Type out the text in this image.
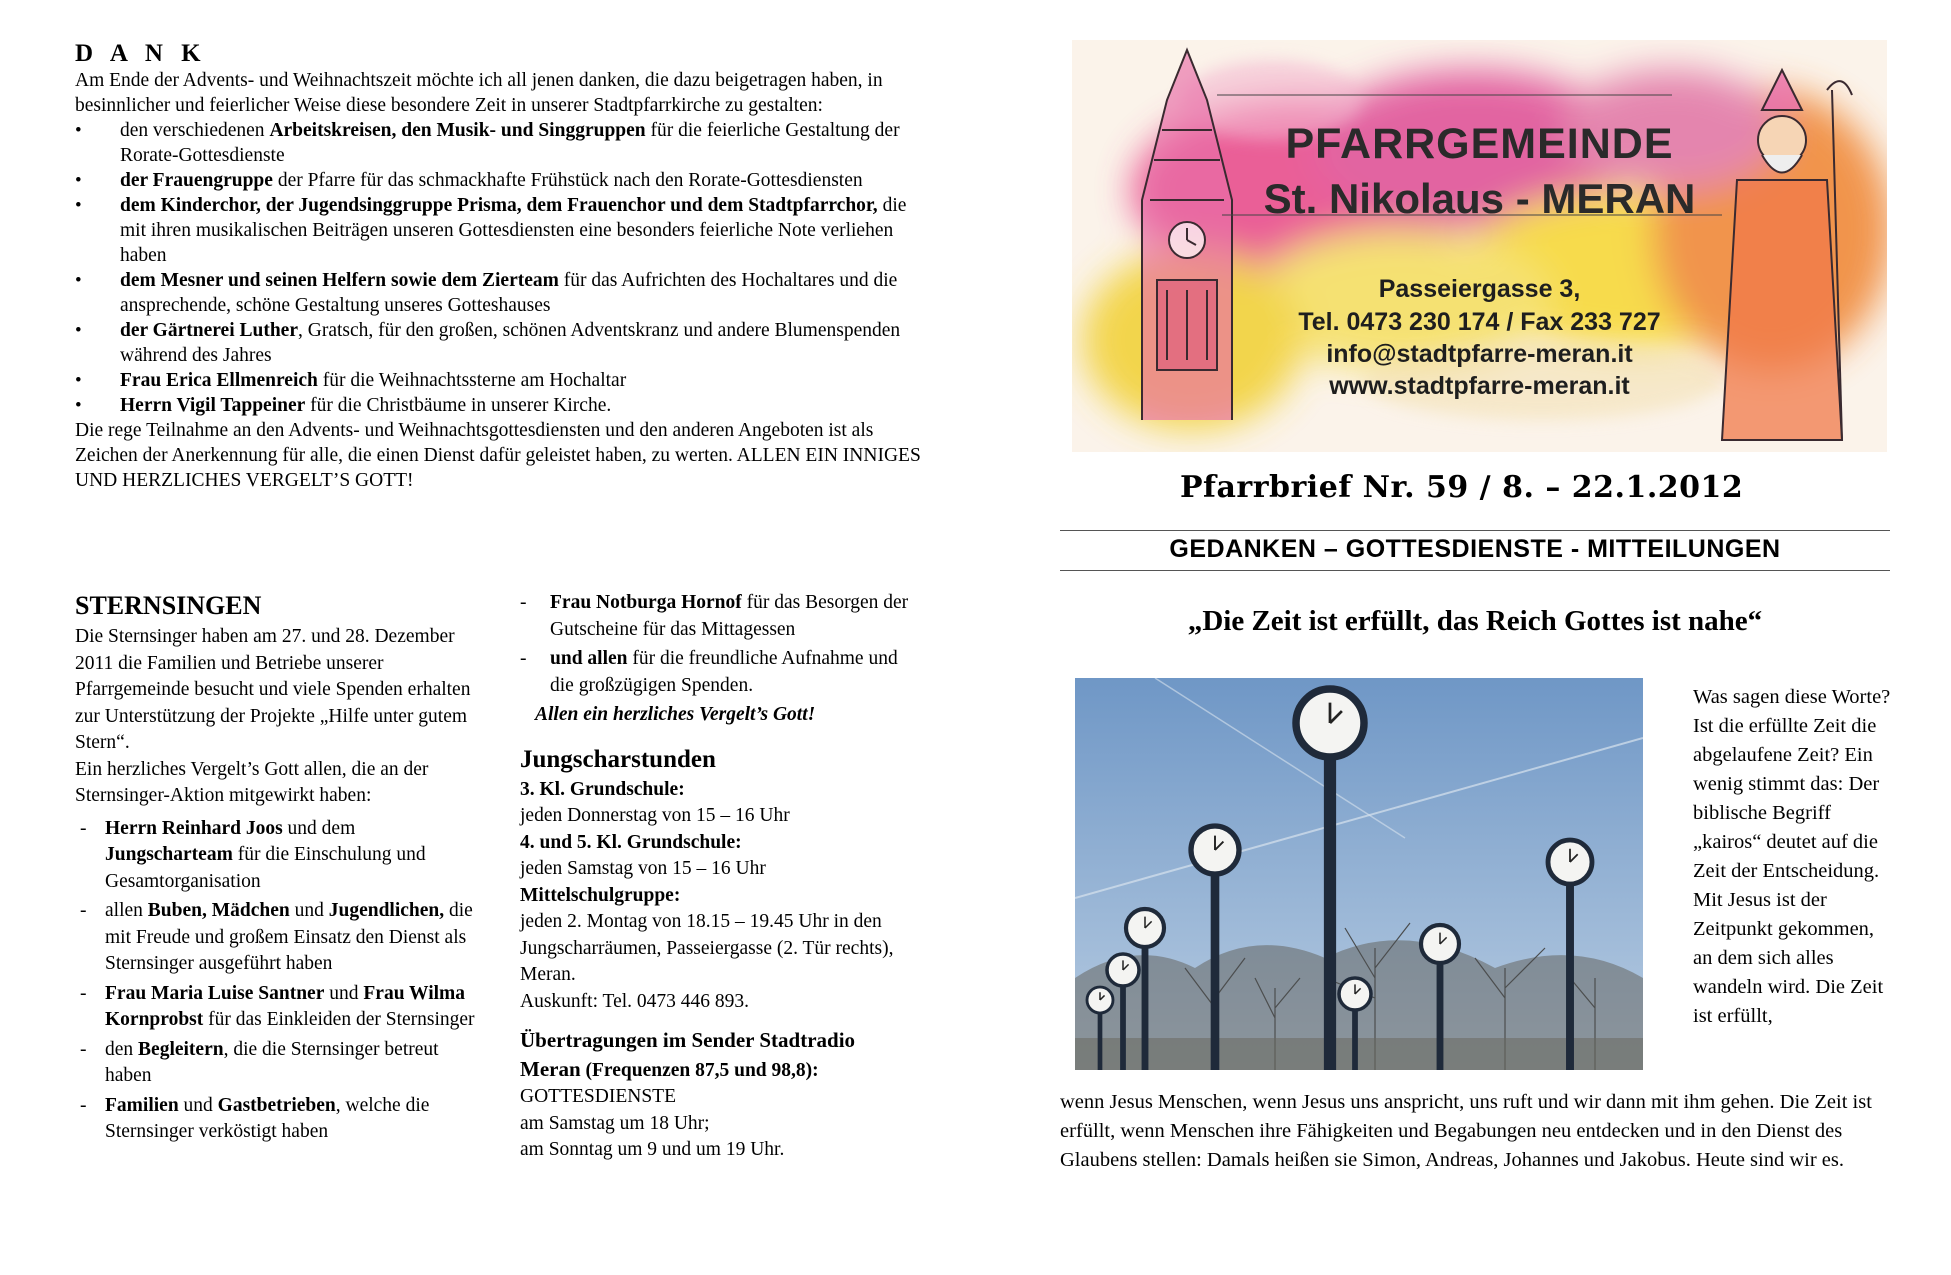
D A N K

Am Ende der Advents- und Weihnachtszeit möchte ich all jenen danken, die dazu beigetragen haben, in besinnlicher und feierlicher Weise diese besondere Zeit in unserer Stadtpfarrkirche zu gestalten:

•	den verschiedenen Arbeitskreisen, den Musik- und Singgruppen für die feierliche Gestaltung der Rorate-Gottesdienste
•	der Frauengruppe der Pfarre für das schmackhafte Frühstück nach den Rorate-Gottesdiensten
•	dem Kinderchor, der Jugendsinggruppe Prisma, dem Frauenchor und dem Stadtpfarrchor, die mit ihren musikalischen Beiträgen unseren Gottesdiensten eine besonders feierliche Note verliehen haben
•	dem Mesner und seinen Helfern sowie dem Zierteam für das Aufrichten des Hochaltares und die ansprechende, schöne Gestaltung unseres Gotteshauses
•	der Gärtnerei Luther, Gratsch, für den großen, schönen Adventskranz und andere Blumenspenden während des Jahres
•	Frau Erica Ellmenreich für die Weihnachtssterne am Hochaltar
•	Herrn Vigil Tappeiner für die Christbäume in unserer Kirche.

Die rege Teilnahme an den Advents- und Weihnachtsgottesdiensten und den anderen Angeboten ist als Zeichen der Anerkennung für alle, die einen Dienst dafür geleistet haben, zu werten. ALLEN EIN INNIGES UND HERZLICHES VERGELT’S GOTT!

STERNSINGEN

Die Sternsinger haben am 27. und 28. Dezember 2011 die Familien und Betriebe unserer Pfarrgemeinde besucht und viele Spenden erhalten zur Unterstützung der Projekte „Hilfe unter gutem Stern“.

Ein herzliches Vergelt’s Gott allen, die an der Sternsinger-Aktion mitgewirkt haben:

- Herrn Reinhard Joos und dem Jungscharteam für die Einschulung und Gesamtorganisation
- allen Buben, Mädchen und Jugendlichen, die mit Freude und großem Einsatz den Dienst als Sternsinger ausgeführt haben
- Frau Maria Luise Santner und Frau Wilma Kornprobst für das Einkleiden der Sternsinger
- den Begleitern, die die Sternsinger betreut haben
- Familien und Gastbetrieben, welche die Sternsinger verköstigt haben
-	Frau Notburga Hornof für das Besorgen der Gutscheine für das Mittagessen
-	und allen für die freundliche Aufnahme und die großzügigen Spenden.
Allen ein herzliches Vergelt’s Gott!
Jungscharstunden
3. Kl. Grundschule:
jeden Donnerstag von 15 – 16 Uhr
4. und 5. Kl. Grundschule:
jeden Samstag von 15 – 16 Uhr
Mittelschulgruppe:
jeden 2. Montag von 18.15 – 19.45 Uhr in den Jungscharräumen, Passeiergasse (2. Tür rechts), Meran.
Auskunft: Tel. 0473 446 893.
Übertragungen im Sender Stadtradio Meran (Frequenzen 87,5 und 98,8): GOTTESDIENSTE
am Samstag um 18 Uhr;
am Sonntag um 9 und um 19 Uhr.
PFARRGEMEINDE
St. Nikolaus - MERAN
Passeiergasse 3,
Tel. 0473 230 174 / Fax 233 727
info@stadtpfarre-meran.it
www.stadtpfarre-meran.it
Pfarrbrief Nr. 59 / 8. – 22.1.2012
GEDANKEN – GOTTESDIENSTE - MITTEILUNGEN
„Die Zeit ist erfüllt, das Reich Gottes ist nahe“
Was sagen diese Worte? Ist die erfüllte Zeit die abgelaufene Zeit? Ein wenig stimmt das: Der biblische Begriff „kairos“ deutet auf die Zeit der Entscheidung. Mit Jesus ist der Zeitpunkt gekommen, an dem sich alles wandeln wird. Die Zeit ist erfüllt,
wenn Jesus Menschen, wenn Jesus uns anspricht, uns ruft und wir dann mit ihm gehen. Die Zeit ist erfüllt, wenn Menschen ihre Fähigkeiten und Begabungen neu entdecken und in den Dienst des Glaubens stellen: Damals heißen sie Simon, Andreas, Johannes und Jakobus. Heute sind wir es.
